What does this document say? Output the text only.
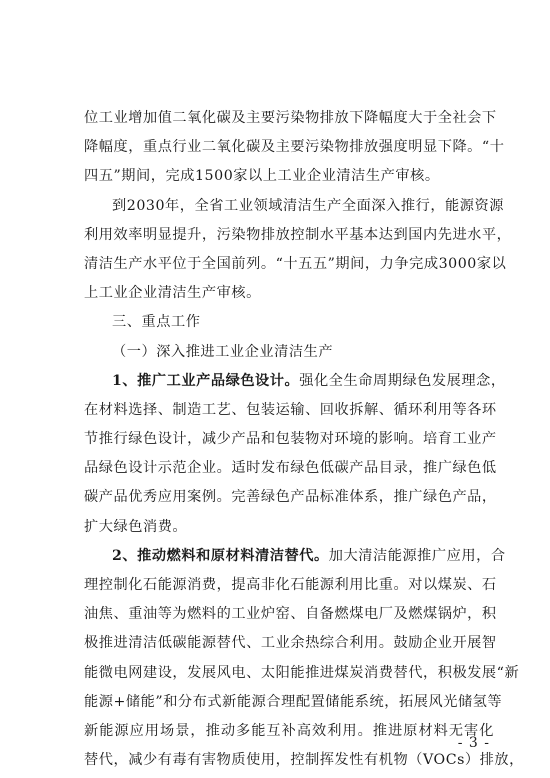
位工业增加值二氧化碳及主要污染物排放下降幅度大于全社会下
降幅度，重点行业二氧化碳及主要污染物排放强度明显下降。“十
四五”期间，完成1500家以上工业企业清洁生产审核。
到2030年，全省工业领域清洁生产全面深入推行，能源资源
利用效率明显提升，污染物排放控制水平基本达到国内先进水平，
清洁生产水平位于全国前列。“十五五”期间，力争完成3000家以
上工业企业清洁生产审核。
三、重点工作
（一）深入推进工业企业清洁生产
1、推广工业产品绿色设计。强化全生命周期绿色发展理念，
在材料选择、制造工艺、包装运输、回收拆解、循环利用等各环
节推行绿色设计，减少产品和包装物对环境的影响。培育工业产
品绿色设计示范企业。适时发布绿色低碳产品目录，推广绿色低
碳产品优秀应用案例。完善绿色产品标准体系，推广绿色产品，
扩大绿色消费。
2、推动燃料和原材料清洁替代。加大清洁能源推广应用，合
理控制化石能源消费，提高非化石能源利用比重。对以煤炭、石
油焦、重油等为燃料的工业炉窑、自备燃煤电厂及燃煤锅炉，积
极推进清洁低碳能源替代、工业余热综合利用。鼓励企业开展智
能微电网建设，发展风电、太阳能推进煤炭消费替代，积极发展“新
能源+储能”和分布式新能源合理配置储能系统，拓展风光储氢等
新能源应用场景，推动多能互补高效利用。推进原材料无害化
替代，减少有毒有害物质使用，控制挥发性有机物（VOCs）排放，
- 3 -
